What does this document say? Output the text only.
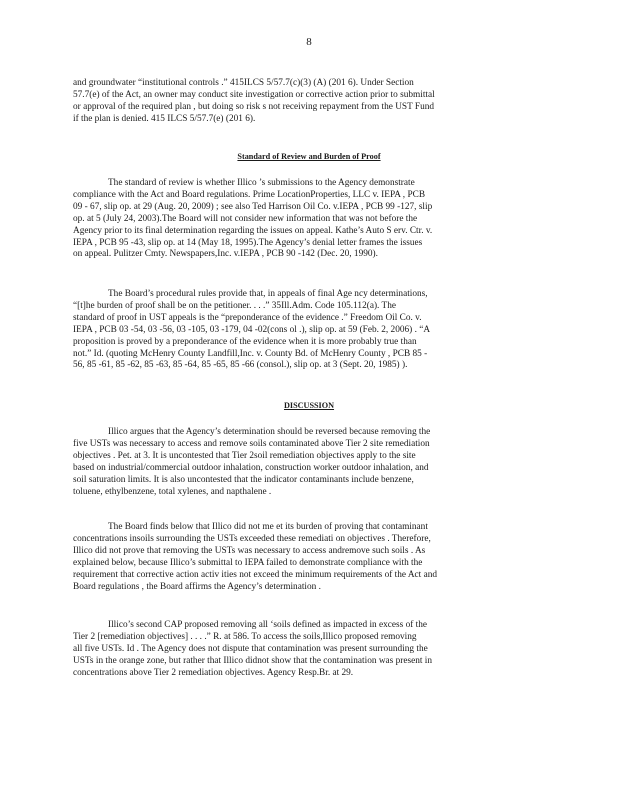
8

and groundwater “institutional controls .” 415ILCS 5/57.7(c)(3) (A) (201 6). Under Section
57.7(e) of the Act, an owner may conduct site investigation or corrective action prior to submittal
or approval of the required plan , but doing so risk s not receiving repayment from the UST Fund
if the plan is denied. 415 ILCS 5/57.7(e) (201 6).

Standard of Review and Burden of Proof

The standard of review is whether Illico ’s submissions to the Agency demonstrate
compliance with the Act and Board regulations. Prime LocationProperties, LLC v. IEPA , PCB
09 - 67, slip op. at 29 (Aug. 20, 2009) ; see also Ted Harrison Oil Co. v.IEPA , PCB 99 -127, slip
op. at 5 (July 24, 2003).The Board will not consider new information that was not before the
Agency prior to its final determination regarding the issues on appeal. Kathe’s Auto S erv. Ctr. v.
IEPA , PCB 95 -43, slip op. at 14 (May 18, 1995).The Agency’s denial letter frames the issues
on appeal. Pulitzer Cmty. Newspapers,Inc. v.IEPA , PCB 90 -142 (Dec. 20, 1990).

The Board’s procedural rules provide that, in appeals of final Age ncy determinations,
“[t]he burden of proof shall be on the petitioner. . . .” 35Ill.Adm. Code 105.112(a). The
standard of proof in UST appeals is the “preponderance of the evidence .” Freedom Oil Co. v.
IEPA , PCB 03 -54, 03 -56, 03 -105, 03 -179, 04 -02(cons ol .), slip op. at 59 (Feb. 2, 2006) . “A
proposition is proved by a preponderance of the evidence when it is more probably true than
not.” Id. (quoting McHenry County Landfill,Inc. v. County Bd. of McHenry County , PCB 85 -
56, 85 -61, 85 -62, 85 -63, 85 -64, 85 -65, 85 -66 (consol.), slip op. at 3 (Sept. 20, 1985) ).

DISCUSSION

Illico argues that the Agency’s determination should be reversed because removing the
five USTs was necessary to access and remove soils contaminated above Tier 2 site remediation
objectives . Pet. at 3. It is uncontested that Tier 2soil remediation objectives apply to the site
based on industrial/commercial outdoor inhalation, construction worker outdoor inhalation, and
soil saturation limits. It is also uncontested that the indicator contaminants include benzene,
toluene, ethylbenzene, total xylenes, and napthalene .

The Board finds below that Illico did not me et its burden of proving that contaminant
concentrations insoils surrounding the USTs exceeded these remediati on objectives . Therefore,
Illico did not prove that removing the USTs was necessary to access andremove such soils . As
explained below, because Illico’s submittal to IEPA failed to demonstrate compliance with the
requirement that corrective action activ ities not exceed the minimum requirements of the Act and
Board regulations , the Board affirms the Agency’s determination .

Illico’s second CAP proposed removing all ‘soils defined as impacted in excess of the
Tier 2 [remediation objectives] . . . .” R. at 586. To access the soils,Illico proposed removing
all five USTs. Id . The Agency does not dispute that contamination was present surrounding the
USTs in the orange zone, but rather that Illico didnot show that the contamination was present in
concentrations above Tier 2 remediation objectives. Agency Resp.Br. at 29.
